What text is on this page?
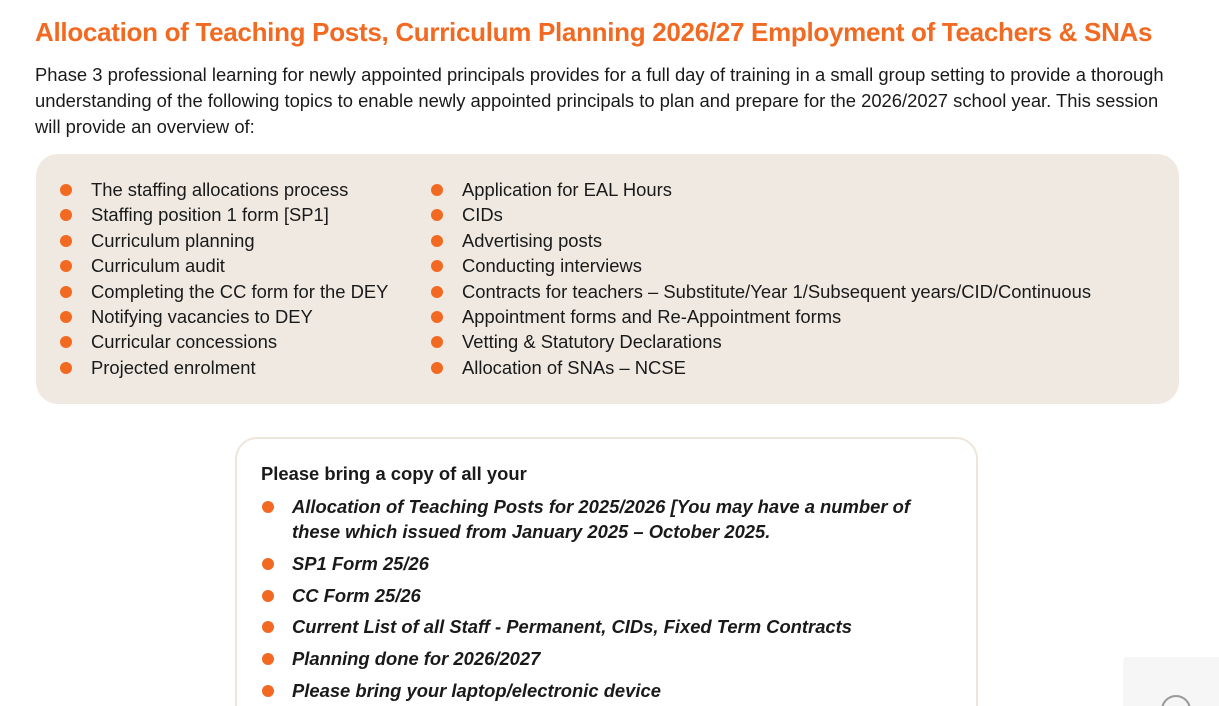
Allocation of Teaching Posts, Curriculum Planning 2026/27 Employment of Teachers & SNAs

Phase 3 professional learning for newly appointed principals provides for a full day of training in a small group setting to provide a thorough understanding of the following topics to enable newly appointed principals to plan and prepare for the 2026/2027 school year. This session will provide an overview of:

The staffing allocations process
Staffing position 1 form [SP1]
Curriculum planning
Curriculum audit
Completing the CC form for the DEY
Notifying vacancies to DEY
Curricular concessions
Projected enrolment
Application for EAL Hours
CIDs
Advertising posts
Conducting interviews
Contracts for teachers – Substitute/Year 1/Subsequent years/CID/Continuous
Appointment forms and Re-Appointment forms
Vetting & Statutory Declarations
Allocation of SNAs – NCSE

Please bring a copy of all your

Allocation of Teaching Posts for 2025/2026 [You may have a number of these which issued from January 2025 – October 2025.
SP1 Form 25/26
CC Form 25/26
Current List of all Staff - Permanent, CIDs, Fixed Term Contracts
Planning done for 2026/2027
Please bring your laptop/electronic device
